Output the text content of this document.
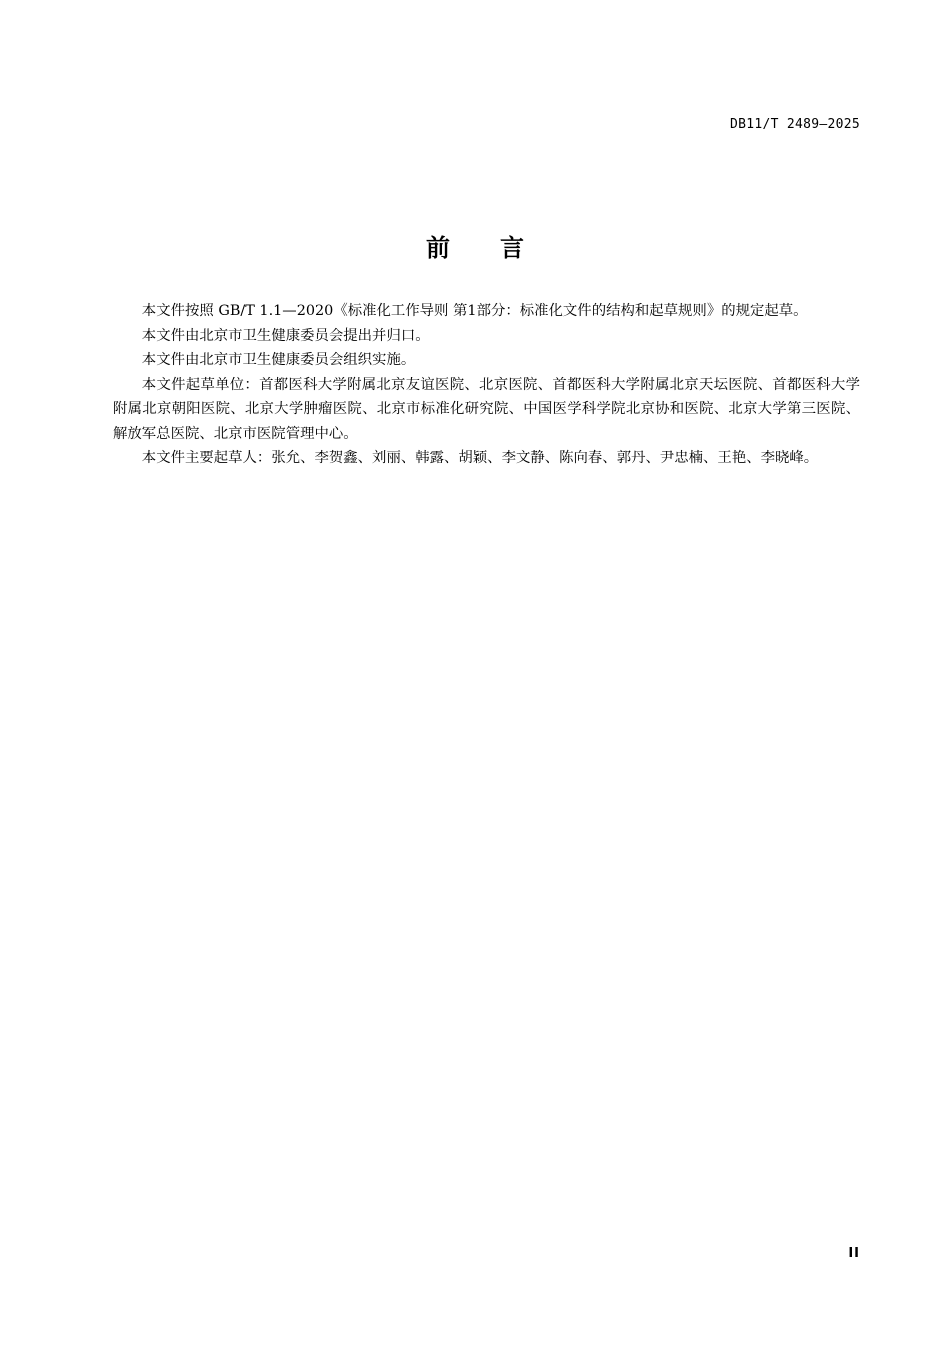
DB11/T 2489—2025
前言

本文件按照 GB/T 1.1—2020《标准化工作导则 第1部分：标准化文件的结构和起草规则》的规定起草。

本文件由北京市卫生健康委员会提出并归口。

本文件由北京市卫生健康委员会组织实施。

本文件起草单位：首都医科大学附属北京友谊医院、北京医院、首都医科大学附属北京天坛医院、首都医科大学附属北京朝阳医院、北京大学肿瘤医院、北京市标准化研究院、中国医学科学院北京协和医院、北京大学第三医院、解放军总医院、北京市医院管理中心。

本文件主要起草人：张允、李贺鑫、刘丽、韩露、胡颖、李文静、陈向春、郭丹、尹忠楠、王艳、李晓峰。

II
